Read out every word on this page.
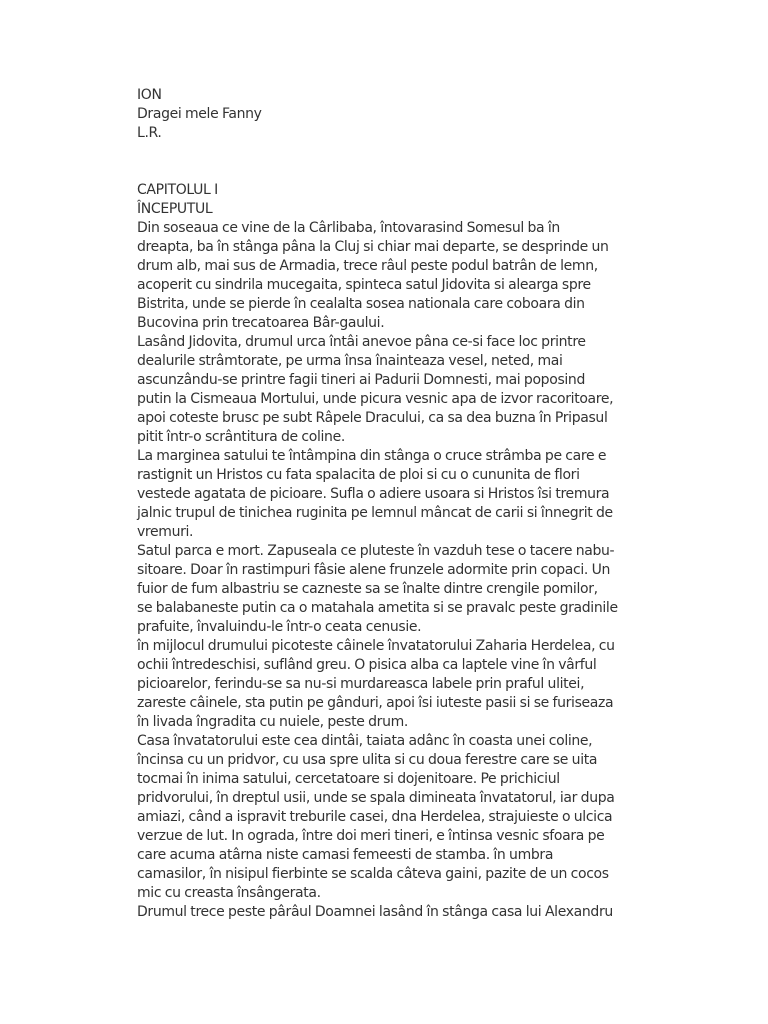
ION
Dragei mele Fanny
L.R.
CAPITOLUL I
ÎNCEPUTUL
Din soseaua ce vine de la Cârlibaba, întovarasind Somesul ba în
dreapta, ba în stânga pâna la Cluj si chiar mai departe, se desprinde un
drum alb, mai sus de Armadia, trece râul peste podul batrân de lemn,
acoperit cu sindrila mucegaita, spinteca satul Jidovita si alearga spre
Bistrita, unde se pierde în cealalta sosea nationala care coboara din
Bucovina prin trecatoarea Bâr-gaului.
Lasând Jidovita, drumul urca întâi anevoe pâna ce-si face loc printre
dealurile strâmtorate, pe urma însa înainteaza vesel, neted, mai
ascunzându-se printre fagii tineri ai Padurii Domnesti, mai poposind
putin la Cismeaua Mortului, unde picura vesnic apa de izvor racoritoare,
apoi coteste brusc pe subt Râpele Dracului, ca sa dea buzna în Pripasul
pitit într-o scrântitura de coline.
La marginea satului te întâmpina din stânga o cruce strâmba pe care e
rastignit un Hristos cu fata spalacita de ploi si cu o cununita de flori
vestede agatata de picioare. Sufla o adiere usoara si Hristos îsi tremura
jalnic trupul de tinichea ruginita pe lemnul mâncat de carii si înnegrit de
vremuri.
Satul parca e mort. Zapuseala ce pluteste în vazduh tese o tacere nabu-
sitoare. Doar în rastimpuri fâsie alene frunzele adormite prin copaci. Un
fuior de fum albastriu se cazneste sa se înalte dintre crengile pomilor,
se balabaneste putin ca o matahala ametita si se pravalc peste gradinile
prafuite, învaluindu-le într-o ceata cenusie.
în mijlocul drumului picoteste câinele învatatorului Zaharia Herdelea, cu
ochii întredeschisi, suflând greu. O pisica alba ca laptele vine în vârful
picioarelor, ferindu-se sa nu-si murdareasca labele prin praful ulitei,
zareste câinele, sta putin pe gânduri, apoi îsi iuteste pasii si se furiseaza
în livada îngradita cu nuiele, peste drum.
Casa învatatorului este cea dintâi, taiata adânc în coasta unei coline,
încinsa cu un pridvor, cu usa spre ulita si cu doua ferestre care se uita
tocmai în inima satului, cercetatoare si dojenitoare. Pe prichiciul
pridvorului, în dreptul usii, unde se spala dimineata învatatorul, iar dupa
amiazi, când a ispravit treburile casei, dna Herdelea, strajuieste o ulcica
verzue de lut. In ograda, între doi meri tineri, e întinsa vesnic sfoara pe
care acuma atârna niste camasi femeesti de stamba. în umbra
camasilor, în nisipul fierbinte se scalda câteva gaini, pazite de un cocos
mic cu creasta însângerata.
Drumul trece peste pârâul Doamnei lasând în stânga casa lui Alexandru
